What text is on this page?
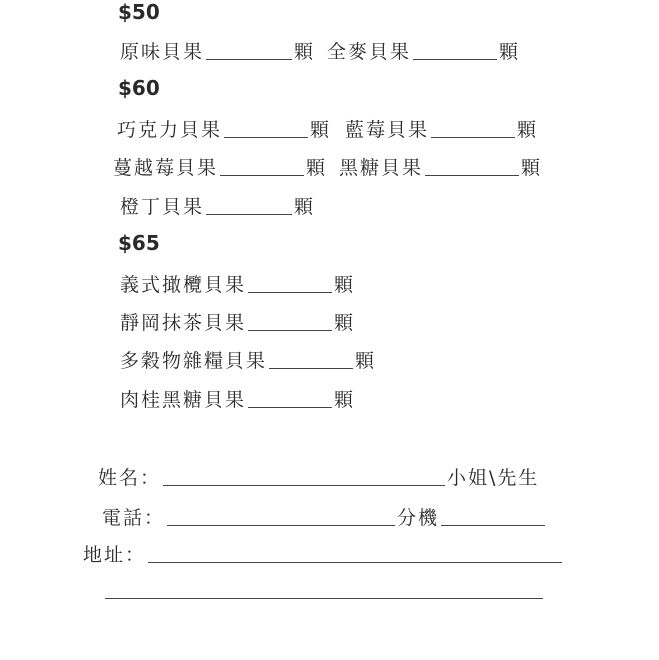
$50
原味貝果	顆 全麥貝果	顆
$60
巧克力貝果	顆 藍莓貝果	顆
蔓越莓貝果	顆 黑糖貝果	顆
橙丁貝果	顆
$65
義式撖欖貝果	顆
靜岡抹茶貝果	顆
多穀物雜糧貝果	顆
肉桂黑糖貝果	顆
姓名：	小姐\先生
電話：	分機
地址：
